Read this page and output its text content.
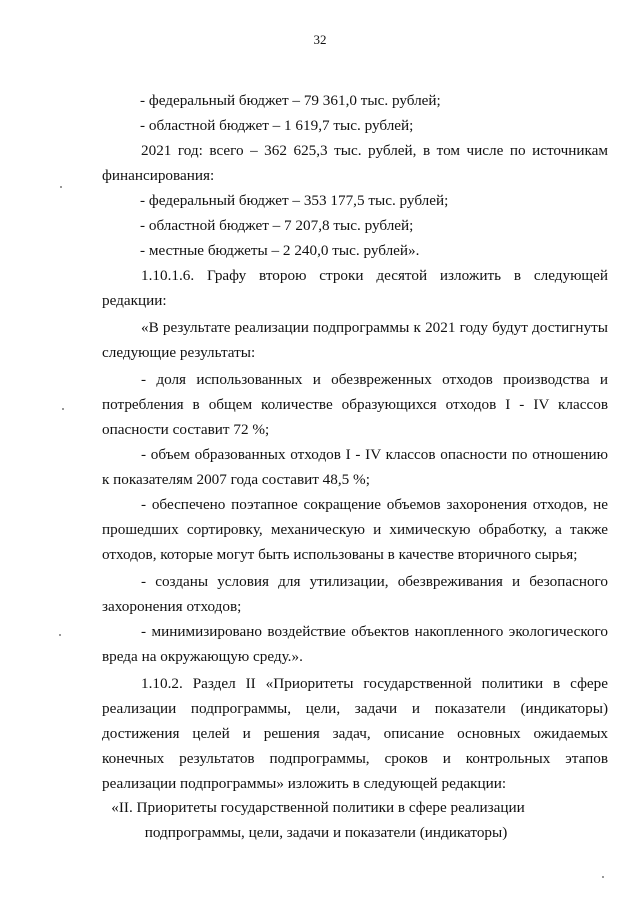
32
- федеральный бюджет – 79 361,0 тыс. рублей;
- областной бюджет – 1 619,7 тыс. рублей;
2021 год: всего – 362 625,3 тыс. рублей, в том числе по источникам
финансирования:
- федеральный бюджет – 353 177,5 тыс. рублей;
- областной бюджет – 7 207,8 тыс. рублей;
- местные бюджеты – 2 240,0 тыс. рублей».
1.10.1.6. Графу второю строки десятой изложить в следующей
редакции:
«В результате реализации подпрограммы к 2021 году будут достигнуты
следующие результаты:
- доля использованных и обезвреженных отходов производства и
потребления в общем количестве образующихся отходов I - IV классов
опасности составит 72 %;
- объем образованных отходов I - IV классов опасности по отношению
к показателям 2007 года составит 48,5 %;
- обеспечено поэтапное сокращение объемов захоронения отходов, не
прошедших сортировку, механическую и химическую обработку, а также
отходов, которые могут быть использованы в качестве вторичного сырья;
- созданы условия для утилизации, обезвреживания и безопасного
захоронения отходов;
- минимизировано воздействие объектов накопленного экологического
вреда на окружающую среду.».
1.10.2. Раздел II «Приоритеты государственной политики в сфере
реализации подпрограммы, цели, задачи и показатели (индикаторы)
достижения целей и решения задач, описание основных ожидаемых
конечных результатов подпрограммы, сроков и контрольных этапов
реализации подпрограммы» изложить в следующей редакции:
«II. Приоритеты государственной политики в сфере реализации
подпрограммы, цели, задачи и показатели (индикаторы)
